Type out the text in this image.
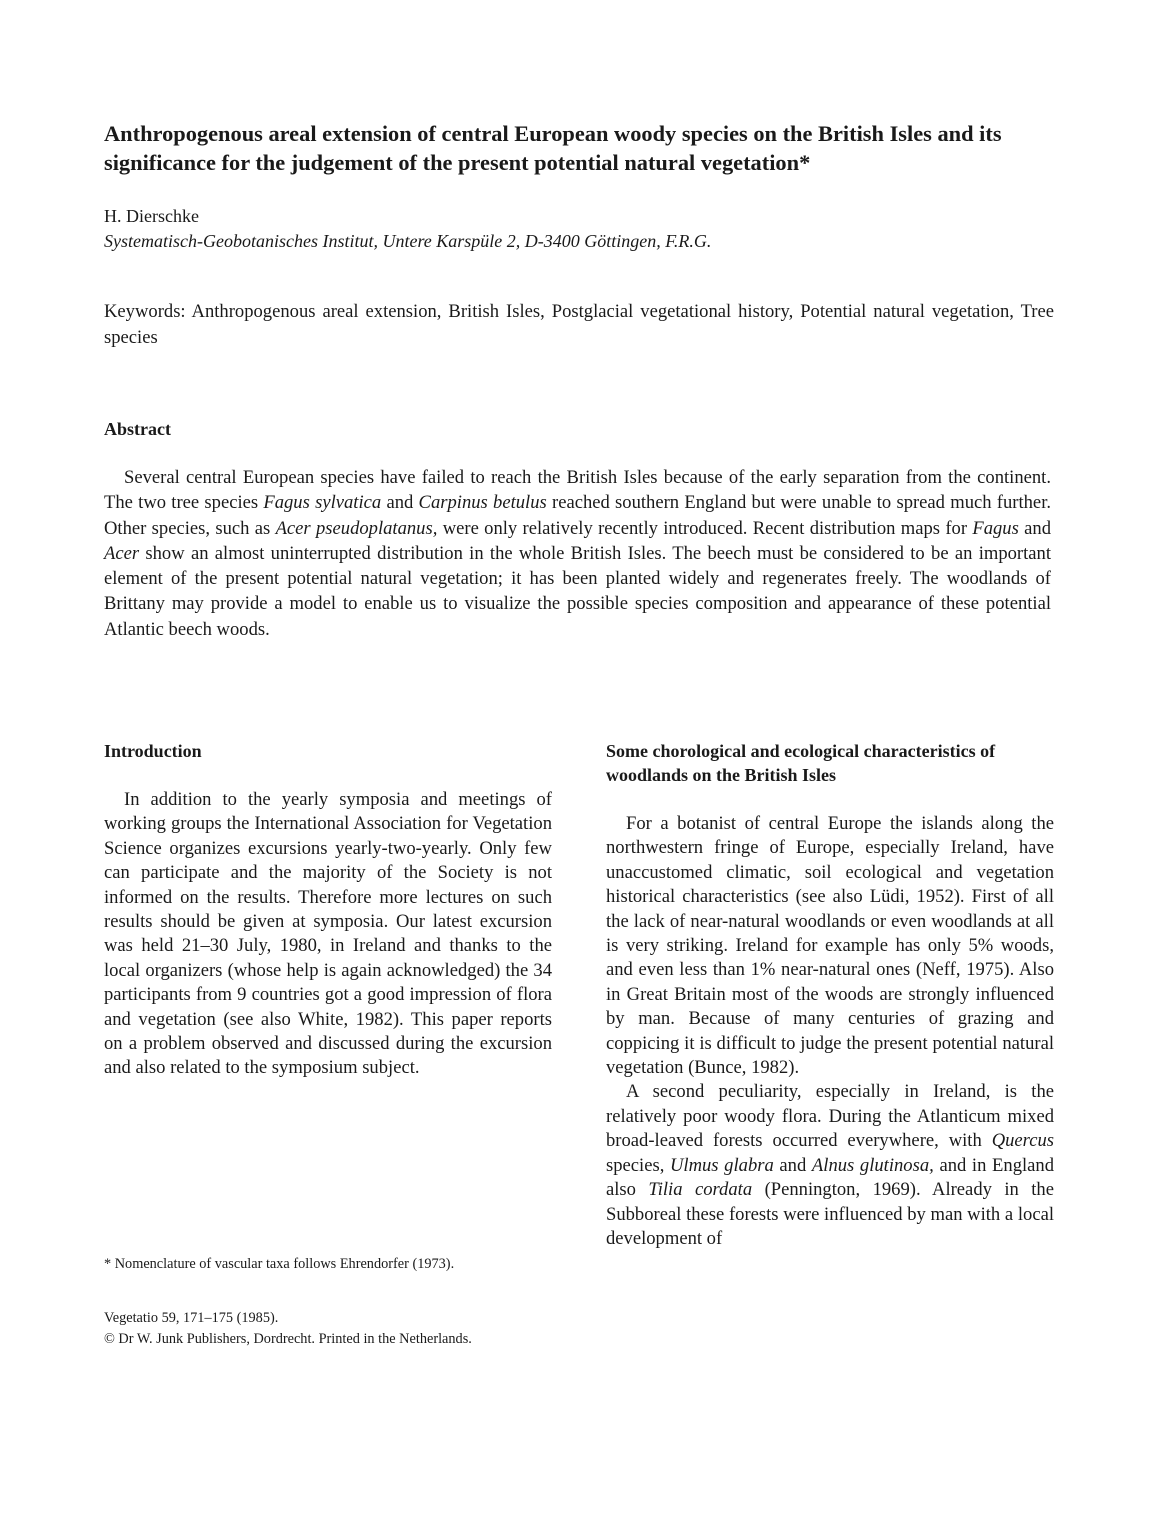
Anthropogenous areal extension of central European woody species on the British Isles and its significance for the judgement of the present potential natural vegetation*
H. Dierschke
Systematisch-Geobotanisches Institut, Untere Karspüle 2, D-3400 Göttingen, F.R.G.
Keywords: Anthropogenous areal extension, British Isles, Postglacial vegetational history, Potential natural vegetation, Tree species
Abstract

Several central European species have failed to reach the British Isles because of the early separation from the continent. The two tree species Fagus sylvatica and Carpinus betulus reached southern England but were unable to spread much further. Other species, such as Acer pseudoplatanus, were only relatively recently introduced. Recent distribution maps for Fagus and Acer show an almost uninterrupted distribution in the whole British Isles. The beech must be considered to be an important element of the present potential natural vegetation; it has been planted widely and regenerates freely. The woodlands of Brittany may provide a model to enable us to visualize the possible species composition and appearance of these potential Atlantic beech woods.

Introduction

In addition to the yearly symposia and meetings of working groups the International Association for Vegetation Science organizes excursions yearly-two-yearly. Only few can participate and the majority of the Society is not informed on the results. Therefore more lectures on such results should be given at symposia. Our latest excursion was held 21–30 July, 1980, in Ireland and thanks to the local organizers (whose help is again acknowledged) the 34 participants from 9 countries got a good impression of flora and vegetation (see also White, 1982). This paper reports on a problem observed and discussed during the excursion and also related to the symposium subject.

Some chorological and ecological characteristics of woodlands on the British Isles

For a botanist of central Europe the islands along the northwestern fringe of Europe, especially Ireland, have unaccustomed climatic, soil ecological and vegetation historical characteristics (see also Lüdi, 1952). First of all the lack of near-natural woodlands or even woodlands at all is very striking. Ireland for example has only 5% woods, and even less than 1% near-natural ones (Neff, 1975). Also in Great Britain most of the woods are strongly influenced by man. Because of many centuries of grazing and coppicing it is difficult to judge the present potential natural vegetation (Bunce, 1982).

A second peculiarity, especially in Ireland, is the relatively poor woody flora. During the Atlanticum mixed broad-leaved forests occurred everywhere, with Quercus species, Ulmus glabra and Alnus glutinosa, and in England also Tilia cordata (Pennington, 1969). Already in the Subboreal these forests were influenced by man with a local development of

* Nomenclature of vascular taxa follows Ehrendorfer (1973).
Vegetatio 59, 171–175 (1985).
© Dr W. Junk Publishers, Dordrecht. Printed in the Netherlands.
